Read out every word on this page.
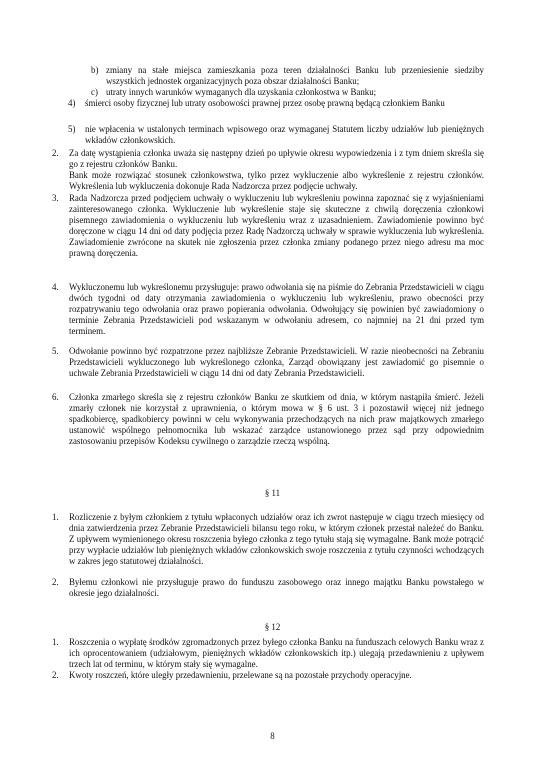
b) zmiany na stałe miejsca zamieszkania poza teren działalności Banku lub przeniesienie siedziby wszystkich jednostek organizacyjnych poza obszar działalności Banku;

c) utraty innych warunków wymaganych dla uzyskania członkostwa w Banku;

4) śmierci osoby fizycznej lub utraty osobowości prawnej przez osobę prawną będącą członkiem Banku

5) nie wpłacenia w ustalonych terminach wpisowego oraz wymaganej Statutem liczby udziałów lub pieniężnych wkładów członkowskich.

2. Za datę wystąpienia członka uważa się następny dzień po upływie okresu wypowiedzenia i z tym dniem skreśla się go z rejestru członków Banku.

Bank może rozwiązać stosunek członkowstwa, tylko przez wykluczenie albo wykreślenie z rejestru członków. Wykreślenia lub wykluczenia dokonuje Rada Nadzorcza przez podjęcie uchwały.

3. Rada Nadzorcza przed podjęciem uchwały o wykluczeniu lub wykreśleniu powinna zapoznać się z wyjaśnieniami zainteresowanego członka. Wykluczenie lub wykreślenie staje się skuteczne z chwilą doręczenia członkowi pisemnego zawiadomienia o wykluczeniu lub wykreśleniu wraz z uzasadnieniem. Zawiadomienie powinno być doręczone w ciągu 14 dni od daty podjęcia przez Radę Nadzorczą uchwały w sprawie wykluczenia lub wykreślenia. Zawiadomienie zwrócone na skutek nie zgłoszenia przez członka zmiany podanego przez niego adresu ma moc prawną doręczenia.

4. Wykluczonemu lub wykreślonemu przysługuje: prawo odwołania się na piśmie do Zebrania Przedstawicieli w ciągu dwóch tygodni od daty otrzymania zawiadomienia o wykluczeniu lub wykreśleniu, prawo obecności przy rozpatrywaniu tego odwołania oraz prawo popierania odwołania. Odwołujący się powinien być zawiadomiony o terminie Zebrania Przedstawicieli pod wskazanym w odwołaniu adresem, co najmniej na 21 dni przed tym terminem.

5. Odwołanie powinno być rozpatrzone przez najbliższe Zebranie Przedstawicieli. W razie nieobecności na Zebraniu Przedstawicieli wykluczonego lub wykreślonego członka, Zarząd obowiązany jest zawiadomić go pisemnie o uchwale Zebrania Przedstawicieli w ciągu 14 dni od daty Zebrania Przedstawicieli.

6. Członka zmarłego skreśla się z rejestru członków Banku ze skutkiem od dnia, w którym nastąpiła śmierć. Jeżeli zmarły członek nie korzystał z uprawnienia, o którym mowa w § 6 ust. 3 i pozostawił więcej niż jednego spadkobiercę, spadkobiercy powinni w celu wykonywania przechodzących na nich praw majątkowych zmarłego ustanowić wspólnego pełnomocnika lub wskazać zarządce ustanowionego przez sąd przy odpowiednim zastosowaniu przepisów Kodeksu cywilnego o zarządzie rzeczą wspólną.

§ 11
1. Rozliczenie z byłym członkiem z tytułu wpłaconych udziałów oraz ich zwrot następuje w ciągu trzech miesięcy od dnia zatwierdzenia przez Zebranie Przedstawicieli bilansu tego roku, w którym członek przestał należeć do Banku. Z upływem wymienionego okresu roszczenia byłego członka z tego tytułu stają się wymagalne. Bank może potrącić przy wypłacie udziałów lub pieniężnych wkładów członkowskich swoje roszczenia z tytułu czynności wchodzących w zakres jego statutowej działalności.

2. Byłemu członkowi nie przysługuje prawo do funduszu zasobowego oraz innego majątku Banku powstałego w okresie jego działalności.

§ 12
1. Roszczenia o wypłatę środków zgromadzonych przez byłego członka Banku na funduszach celowych Banku wraz z ich oprocentowaniem (udziałowym, pieniężnych wkładów członkowskich itp.) ulegają przedawnieniu z upływem trzech lat od terminu, w którym stały się wymagalne.

2. Kwoty roszczeń, które uległy przedawnieniu, przelewane są na pozostałe przychody operacyjne.

8
